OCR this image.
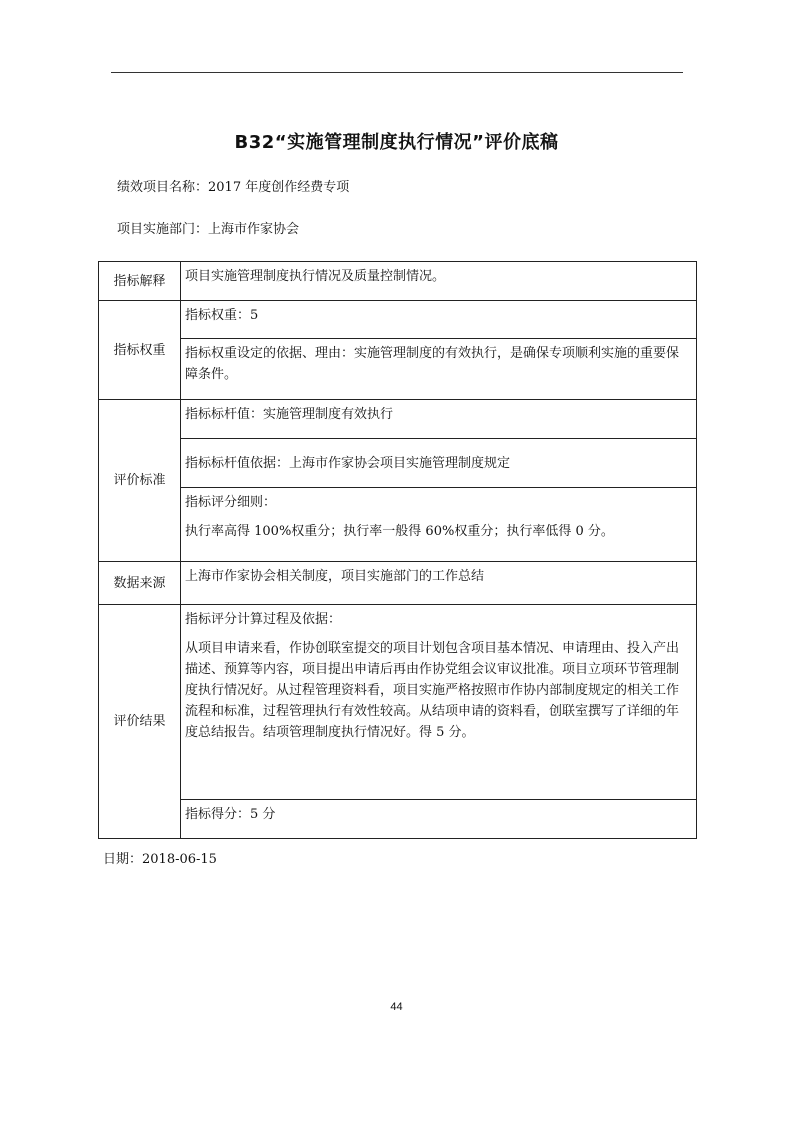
B32“实施管理制度执行情况”评价底稿
绩效项目名称：2017 年度创作经费专项
项目实施部门：上海市作家协会
指标解释	项目实施管理制度执行情况及质量控制情况。
指标权重	指标权重：5
	指标权重设定的依据、理由：实施管理制度的有效执行，是确保专项顺利实施的重要保障条件。
评价标准	指标标杆值：实施管理制度有效执行
	指标标杆值依据：上海市作家协会项目实施管理制度规定

	指标评分细则：

执行率高得 100%权重分；执行率一般得 60%权重分；执行率低得 0 分。

数据来源	上海市作家协会相关制度，项目实施部门的工作总结
评价结果	指标评分计算过程及依据：

从项目申请来看，作协创联室提交的项目计划包含项目基本情况、申请理由、投入产出描述、预算等内容，项目提出申请后再由作协党组会议审议批准。项目立项环节管理制度执行情况好。从过程管理资料看，项目实施严格按照市作协内部制度规定的相关工作流程和标准，过程管理执行有效性较高。从结项申请的资料看，创联室撰写了详细的年度总结报告。结项管理制度执行情况好。得 5 分。

	指标得分：5 分
日期：2018-06-15
44
